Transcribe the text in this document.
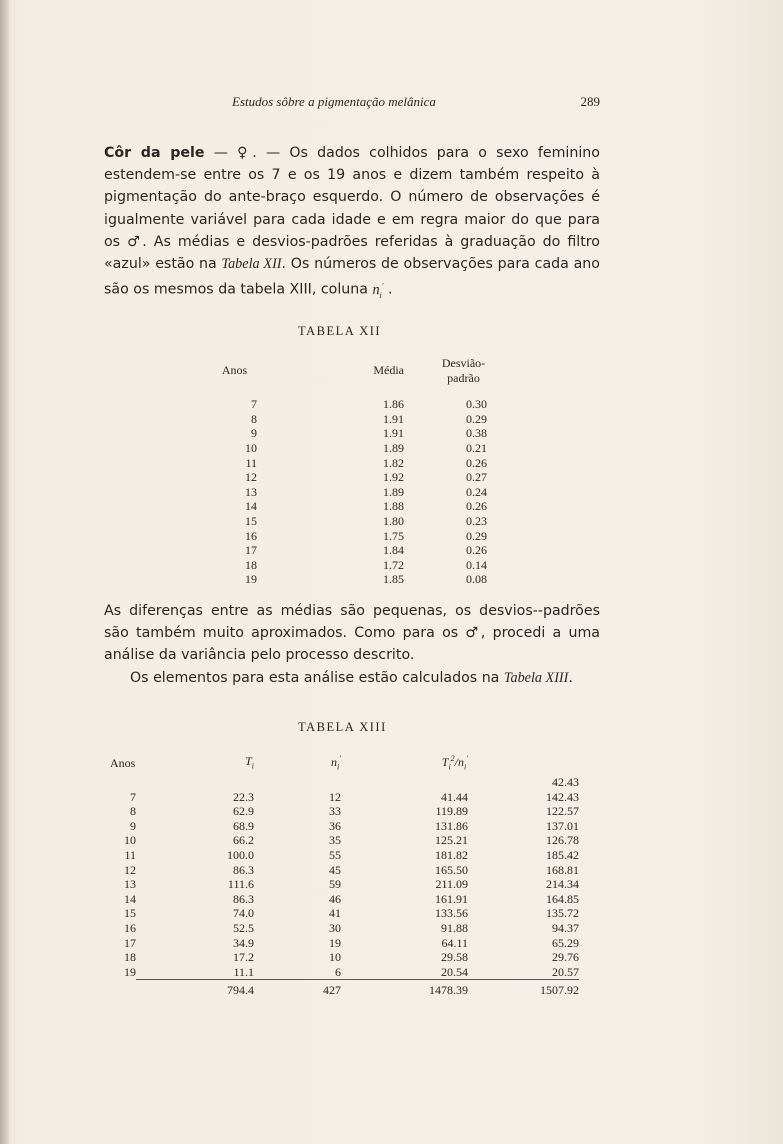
Estudos sôbre a pigmentação melânica	289

Côr da pele — ♀. — Os dados colhidos para o sexo feminino estendem-se entre os 7 e os 19 anos e dizem também respeito à pigmentação do ante-braço esquerdo. O número de observações é igualmente variável para cada idade e em regra maior do que para os ♂. As médias e desvios-padrões referidas à graduação do filtro «azul» estão na Tabela XII. Os números de observações para cada ano são os mesmos da tabela XIII, coluna $n_i'$ .

TABELA XII
Anos	Média	Desvião-padrão
7	1.86	0.30
8	1.91	0.29
9	1.91	0.38
10	1.89	0.21
11	1.82	0.26
12	1.92	0.27
13	1.89	0.24
14	1.88	0.26
15	1.80	0.23
16	1.75	0.29
17	1.84	0.26
18	1.72	0.14
19	1.85	0.08

As diferenças entre as médias são pequenas, os desvios--padrões são também muito aproximados. Como para os ♂, procedi a uma análise da variância pelo processo descrito.
Os elementos para esta análise estão calculados na Tabela XIII.

TABELA XIII
Anos	$T_i$	$n_i'$	$T_i^2/n_i'$	
				42.43
7	22.3	12	41.44	142.43
8	62.9	33	119.89	122.57
9	68.9	36	131.86	137.01
10	66.2	35	125.21	126.78
11	100.0	55	181.82	185.42
12	86.3	45	165.50	168.81
13	111.6	59	211.09	214.34
14	86.3	46	161.91	164.85
15	74.0	41	133.56	135.72
16	52.5	30	91.88	94.37
17	34.9	19	64.11	65.29
18	17.2	10	29.58	29.76
19	11.1	6	20.54	20.57
	794.4	427	1478.39	1507.92
